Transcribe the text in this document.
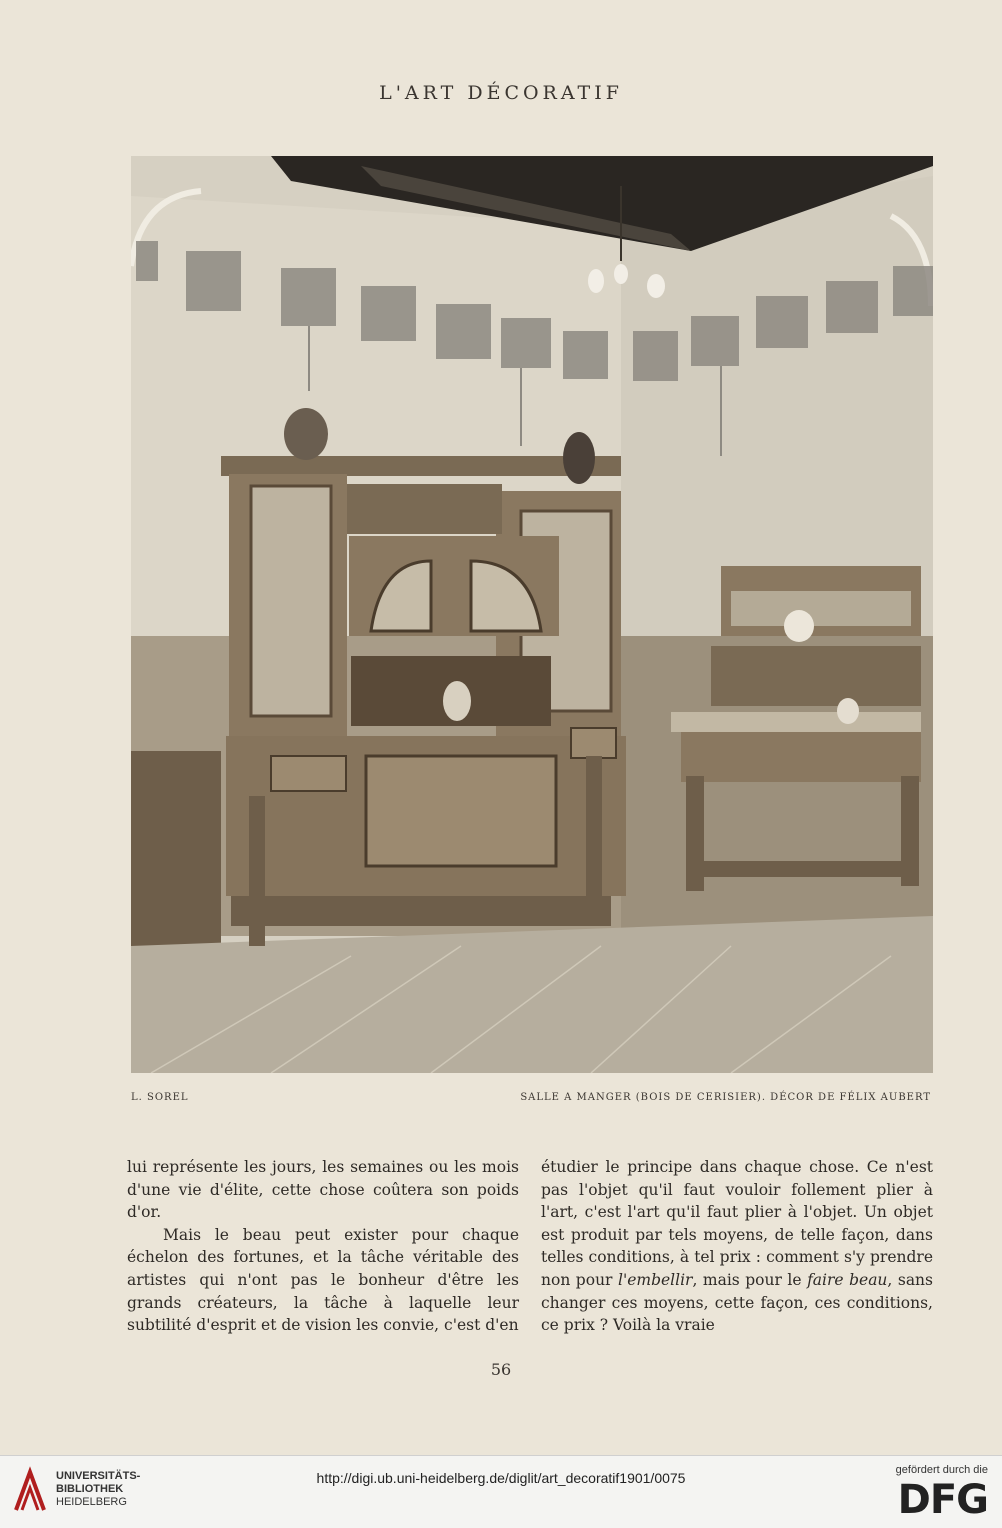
L'ART DÉCORATIF
L. SOREL	SALLE A MANGER (BOIS DE CERISIER). DÉCOR DE FÉLIX AUBERT

lui représente les jours, les semaines ou les mois d'une vie d'élite, cette chose coûtera son poids d'or.

Mais le beau peut exister pour chaque échelon des fortunes, et la tâche véritable des artistes qui n'ont pas le bonheur d'être les grands créateurs, la tâche à laquelle leur subtilité d'esprit et de vision les convie, c'est d'en

étudier le principe dans chaque chose. Ce n'est pas l'objet qu'il faut vouloir follement plier à l'art, c'est l'art qu'il faut plier à l'objet. Un objet est produit par tels moyens, de telle façon, dans telles conditions, à tel prix : comment s'y prendre non pour l'embellir, mais pour le faire beau, sans changer ces moyens, cette façon, ces conditions, ce prix ? Voilà la vraie

56
UNIVERSITÄTS-
BIBLIOTHEK
HEIDELBERG
http://digi.ub.uni-heidelberg.de/diglit/art_decoratif1901/0075	gefördert durch die
DFG
